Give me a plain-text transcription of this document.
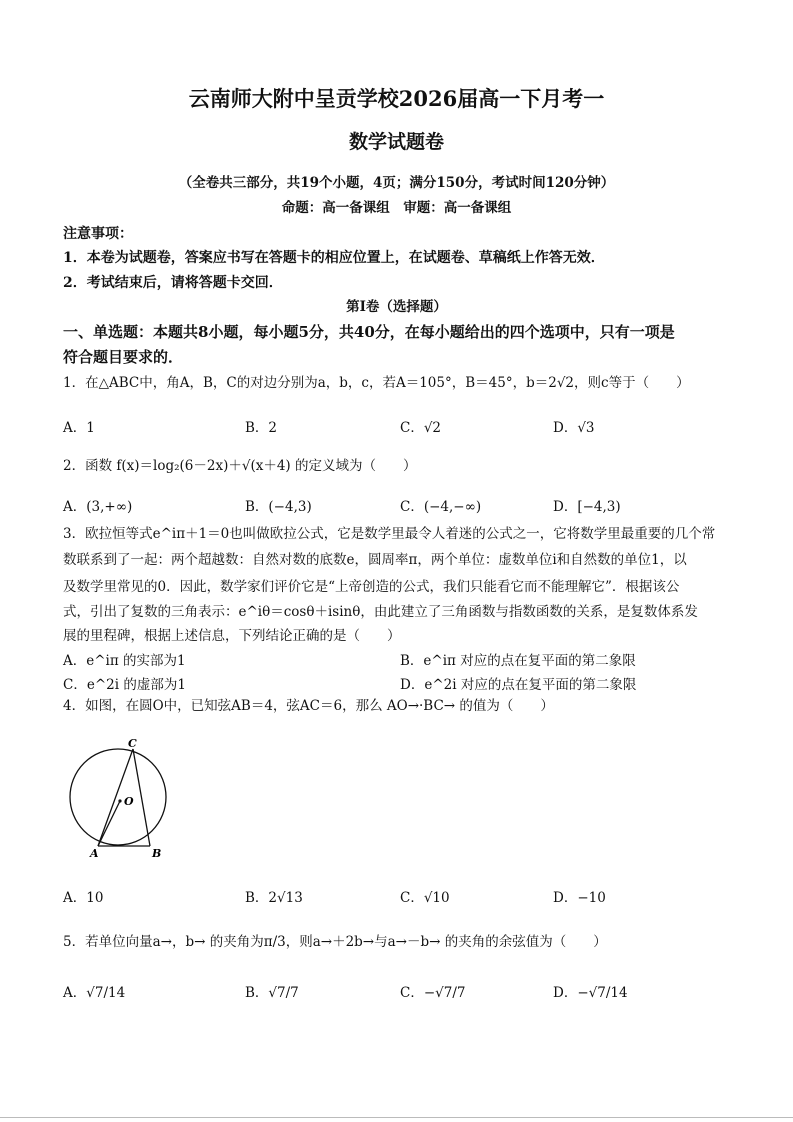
云南师大附中呈贡学校2026届高一下月考一
数学试题卷
（全卷共三部分，共19个小题，4页；满分150分，考试时间120分钟）
命题：高一备课组　审题：高一备课组
注意事项：
1．本卷为试题卷，答案应书写在答题卡的相应位置上，在试题卷、草稿纸上作答无效．
2．考试结束后，请将答题卡交回．
第Ⅰ卷（选择题）
一、单选题：本题共8小题，每小题5分，共40分，在每小题给出的四个选项中，只有一项是
符合题目要求的．
1．在△ABC中，角A，B，C的对边分别为a，b，c，若A＝105°，B＝45°，b＝2√2，则c等于（　　）
A．1	B．2	C．√2	D．√3
2．函数 f(x)＝log₂(6－2x)＋√(x＋4) 的定义域为（　　）
A．(3,+∞)	B．(−4,3)	C．(−4,−∞)	D．[−4,3)
3．欧拉恒等式e^iπ＋1＝0也叫做欧拉公式，它是数学里最令人着迷的公式之一，它将数学里最重要的几个常
数联系到了一起：两个超越数：自然对数的底数e，圆周率π，两个单位：虚数单位i和自然数的单位1，以
及数学里常见的0．因此，数学家们评价它是“上帝创造的公式，我们只能看它而不能理解它”．根据该公
式，引出了复数的三角表示：e^iθ＝cosθ＋isinθ，由此建立了三角函数与指数函数的关系，是复数体系发
展的里程碑，根据上述信息，下列结论正确的是（　　）
A．e^iπ 的实部为1	B．e^iπ 对应的点在复平面的第二象限
C．e^2i 的虚部为1	D．e^2i 对应的点在复平面的第二象限
4．如图，在圆O中，已知弦AB＝4，弦AC＝6，那么 AO→·BC→ 的值为（　　）
C
O
A	B
A．10	B．2√13	C．√10	D．−10
5．若单位向量a→，b→ 的夹角为π/3，则a→＋2b→与a→－b→ 的夹角的余弦值为（　　）
A．√7/14	B．√7/7	C．−√7/7	D．−√7/14
